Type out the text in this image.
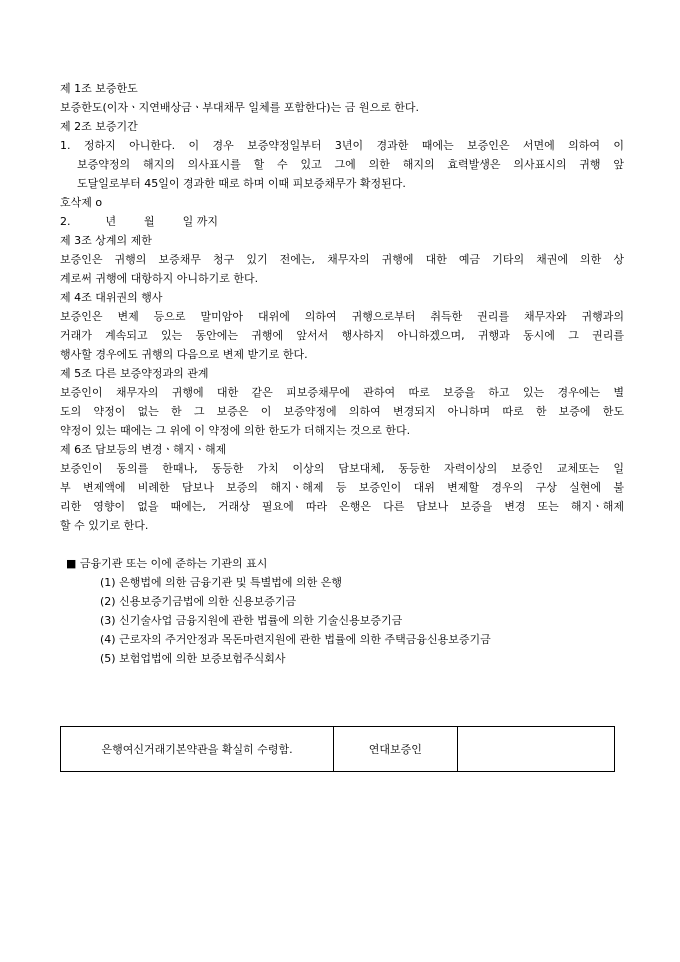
제 1조 보증한도
보증한도(이자ㆍ지연배상금ㆍ부대채무 일체를 포함한다)는 금 원으로 한다.
제 2조 보증기간
1. 정하지 아니한다. 이 경우 보증약정일부터 3년이 경과한 때에는 보증인은 서면에 의하여 이
보증약정의 해지의 의사표시를 할 수 있고 그에 의한 해지의 효력발생은 의사표시의 귀행 앞
도달일로부터 45일이 경과한 때로 하며 이때 피보증채무가 확정된다.
호삭제 o
2.          년        월        일 까지
제 3조 상계의 제한
보증인은 귀행의 보증채무 청구 있기 전에는, 채무자의 귀행에 대한 예금 기타의 채권에 의한 상
계로써 귀행에 대항하지 아니하기로 한다.
제 4조 대위권의 행사
보증인은 변제 등으로 말미암아 대위에 의하여 귀행으로부터 취득한 권리를 채무자와 귀행과의
거래가 계속되고 있는 동안에는 귀행에 앞서서 행사하지 아니하겠으며, 귀행과 동시에 그 권리를
행사할 경우에도 귀행의 다음으로 변제 받기로 한다.
제 5조 다른 보증약정과의 관계
보증인이 채무자의 귀행에 대한 같은 피보증채무에 관하여 따로 보증을 하고 있는 경우에는 별
도의 약정이 없는 한 그 보증은 이 보증약정에 의하여 변경되지 아니하며 따로 한 보증에 한도
약정이 있는 때에는 그 위에 이 약정에 의한 한도가 더해지는 것으로 한다.
제 6조 담보등의 변경ㆍ해지ㆍ해제
보증인이 동의를 한때나, 동등한 가치 이상의 담보대체, 동등한 자력이상의 보증인 교체또는 일
부 변제액에 비례한 담보나 보증의 해지ㆍ해제 등 보증인이 대위 변제할 경우의 구상 실현에 불
리한 영향이 없을 때에는, 거래상 필요에 따라 은행은 다른 담보나 보증을 변경 또는 해지ㆍ해제
할 수 있기로 한다.
■ 금융기관 또는 이에 준하는 기관의 표시
(1) 은행법에 의한 금융기관 및 특별법에 의한 은행
(2) 신용보증기금법에 의한 신용보증기금
(3) 신기술사업 금융지원에 관한 법률에 의한 기술신용보증기금
(4) 근로자의 주거안정과 목돈마련지원에 관한 법률에 의한 주택금융신용보증기금
(5) 보험업법에 의한 보증보험주식회사
은행여신거래기본약관을 확실히 수령함.	연대보증인	
